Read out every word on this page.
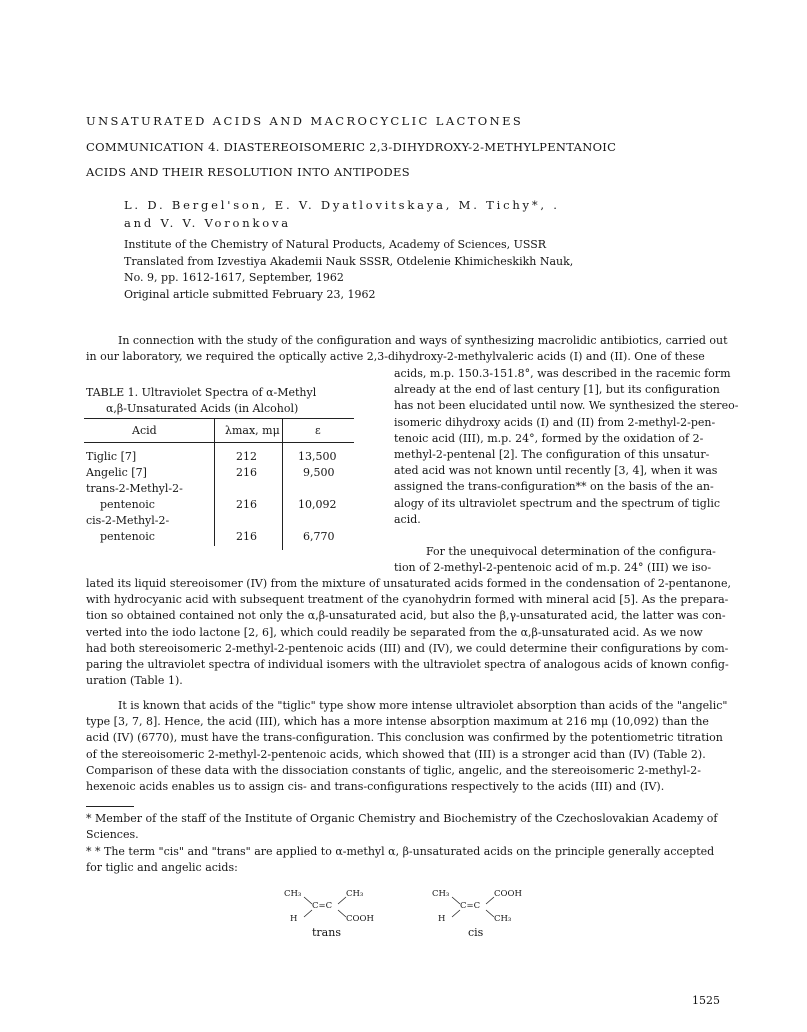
UNSATURATED ACIDS AND MACROCYCLIC LACTONES
COMMUNICATION 4. DIASTEREOISOMERIC 2,3-DIHYDROXY-2-METHYLPENTANOIC
ACIDS AND THEIR RESOLUTION INTO ANTIPODES
L. D. Bergel'son, E. V. Dyatlovitskaya, M. Tichy*, .
and V. V. Voronkova
Institute of the Chemistry of Natural Products, Academy of Sciences, USSR
Translated from Izvestiya Akademii Nauk SSSR, Otdelenie Khimicheskikh Nauk,
No. 9, pp. 1612-1617, September, 1962
Original article submitted February 23, 1962
In connection with the study of the configuration and ways of synthesizing macrolidic antibiotics, carried out
in our laboratory, we required the optically active 2,3-dihydroxy-2-methylvaleric acids (I) and (II). One of these
TABLE 1. Ultraviolet Spectra of α-Methyl
α,β-Unsaturated Acids (in Alcohol)
Acid	λmax, mμ	ε
Tiglic [7]	212	13,500
Angelic [7]	216	9,500
trans-2-Methyl-2-
pentenoic	216	10,092
cis-2-Methyl-2-
pentenoic	216	6,770
acids, m.p. 150.3-151.8°, was described in the racemic form
already at the end of last century [1], but its configuration
has not been elucidated until now. We synthesized the stereo-
isomeric dihydroxy acids (I) and (II) from 2-methyl-2-pen-
tenoic acid (III), m.p. 24°, formed by the oxidation of 2-
methyl-2-pentenal [2]. The configuration of this unsatur-
ated acid was not known until recently [3, 4], when it was
assigned the trans-configuration** on the basis of the an-
alogy of its ultraviolet spectrum and the spectrum of tiglic
acid.
For the unequivocal determination of the configura-
tion of 2-methyl-2-pentenoic acid of m.p. 24° (III) we iso-
lated its liquid stereoisomer (IV) from the mixture of unsaturated acids formed in the condensation of 2-pentanone,
with hydrocyanic acid with subsequent treatment of the cyanohydrin formed with mineral acid [5]. As the prepara-
tion so obtained contained not only the α,β-unsaturated acid, but also the β,γ-unsaturated acid, the latter was con-
verted into the iodo lactone [2, 6], which could readily be separated from the α,β-unsaturated acid. As we now
had both stereoisomeric 2-methyl-2-pentenoic acids (III) and (IV), we could determine their configurations by com-
paring the ultraviolet spectra of individual isomers with the ultraviolet spectra of analogous acids of known config-
uration (Table 1).
It is known that acids of the "tiglic" type show more intense ultraviolet absorption than acids of the "angelic"
type [3, 7, 8]. Hence, the acid (III), which has a more intense absorption maximum at 216 mμ (10,092) than the
acid (IV) (6770), must have the trans-configuration. This conclusion was confirmed by the potentiometric titration
of the stereoisomeric 2-methyl-2-pentenoic acids, which showed that (III) is a stronger acid than (IV) (Table 2).
Comparison of these data with the dissociation constants of tiglic, angelic, and the stereoisomeric 2-methyl-2-
hexenoic acids enables us to assign cis- and trans-configurations respectively to the acids (III) and (IV).
* Member of the staff of the Institute of Organic Chemistry and Biochemistry of the Czechoslovakian Academy of
Sciences.
* * The term "cis" and "trans" are applied to α-methyl α, β-unsaturated acids on the principle generally accepted
for tiglic and angelic acids:
CH₃	CH₃
C=C
H	COOH
trans
CH₃	COOH
C=C
H	CH₃
cis
1525
